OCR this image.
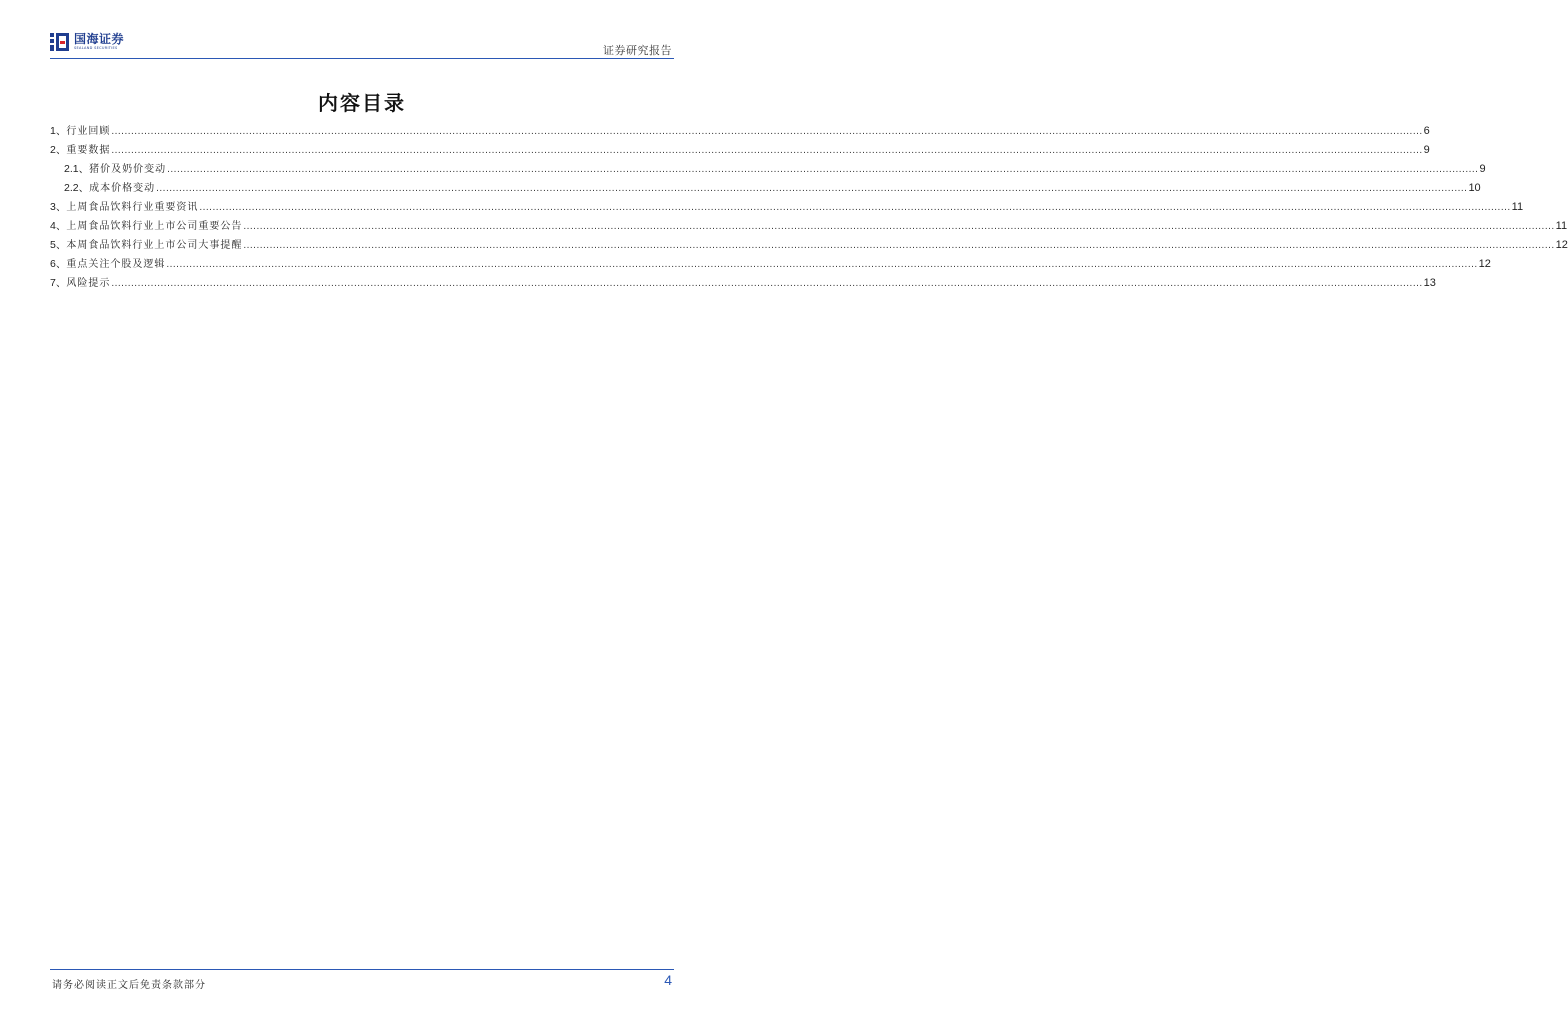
国海证券
SEALAND SECURITIES	证券研究报告
内容目录
1、 行业回顾 ................................................................................................................................................................................................................................................................................................................................................................................................................ 6
2、 重要数据 ................................................................................................................................................................................................................................................................................................................................................................................................................ 9
2.1、 猪价及奶价变动 ................................................................................................................................................................................................................................................................................................................................................................................................................ 9
2.2、 成本价格变动 ................................................................................................................................................................................................................................................................................................................................................................................................................ 10
3、 上周食品饮料行业重要资讯 ................................................................................................................................................................................................................................................................................................................................................................................................................ 11
4、 上周食品饮料行业上市公司重要公告 ................................................................................................................................................................................................................................................................................................................................................................................................................ 11
5、 本周食品饮料行业上市公司大事提醒 ................................................................................................................................................................................................................................................................................................................................................................................................................ 12
6、 重点关注个股及逻辑 ................................................................................................................................................................................................................................................................................................................................................................................................................ 12
7、 风险提示 ................................................................................................................................................................................................................................................................................................................................................................................................................ 13
请务必阅读正文后免责条款部分	4
